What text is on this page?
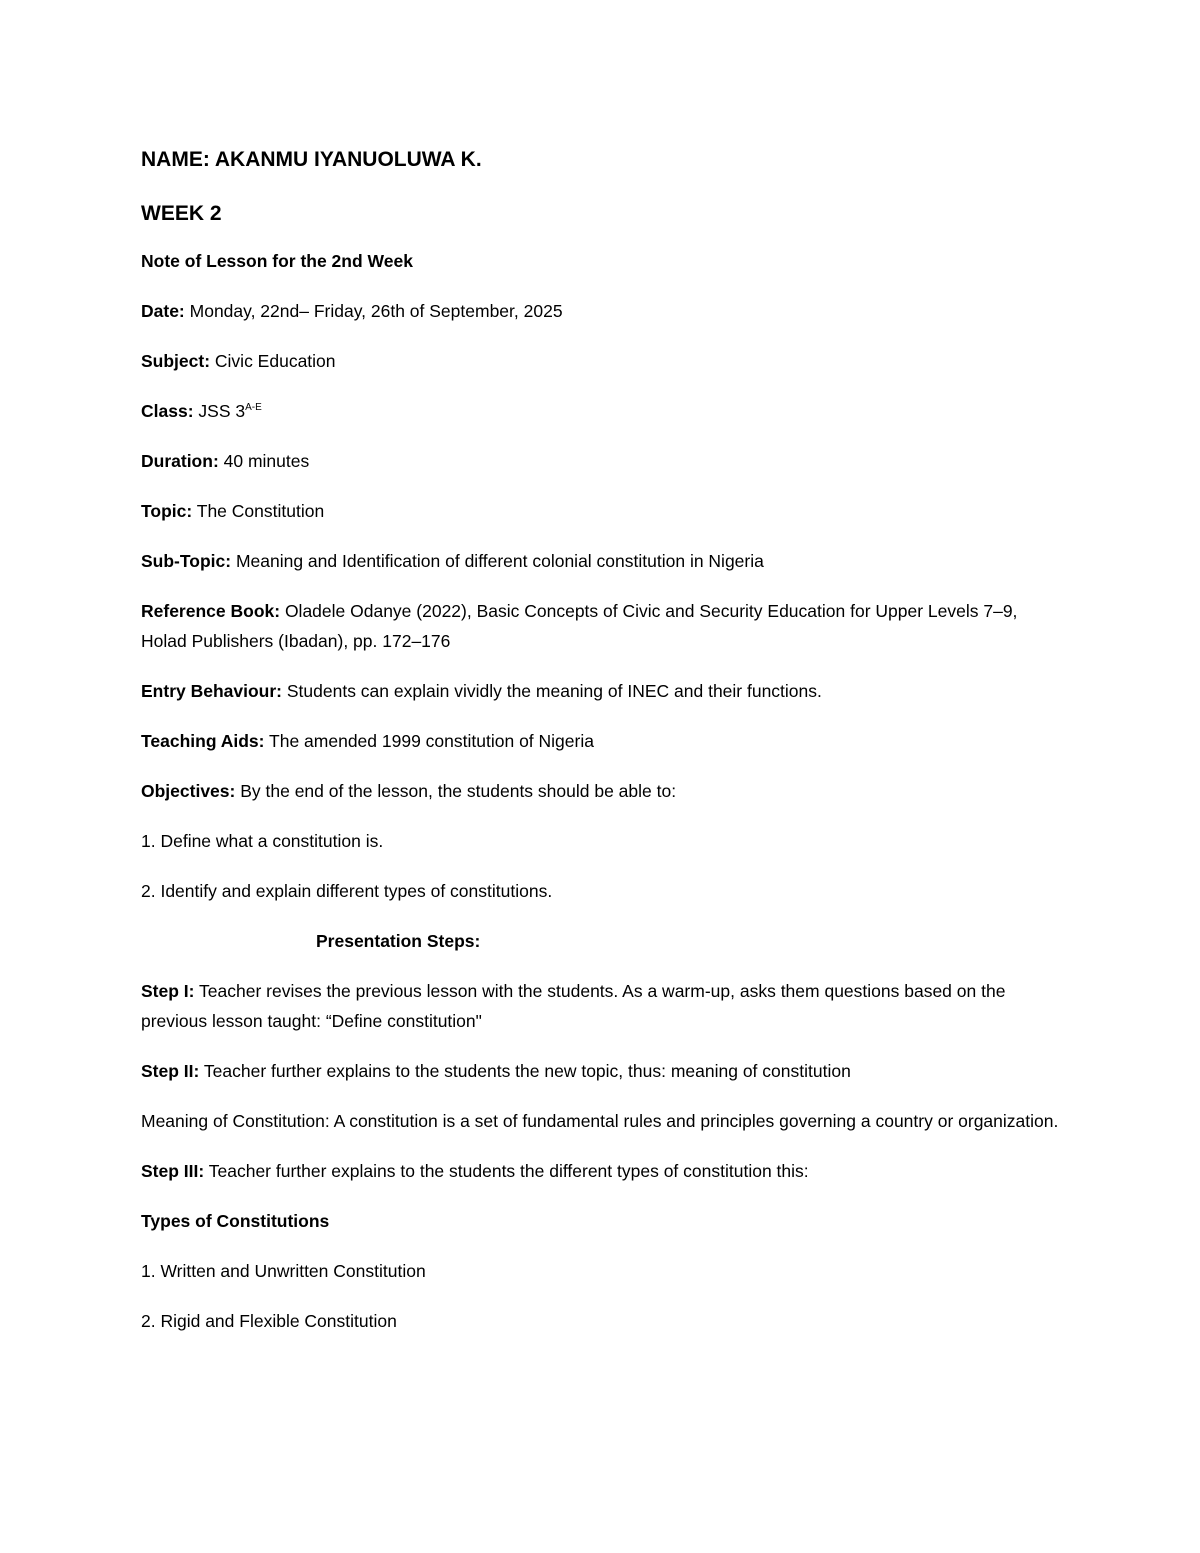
NAME: AKANMU IYANUOLUWA K.
WEEK 2
Note of Lesson for the 2nd Week
Date: Monday, 22nd– Friday, 26th of September, 2025
Subject: Civic Education
Class: JSS $3^{A-E}$
Duration: 40 minutes
Topic: The Constitution
Sub-Topic: Meaning and Identification of different colonial constitution in Nigeria
Reference Book: Oladele Odanye (2022), Basic Concepts of Civic and Security Education for Upper Levels 7–9, Holad Publishers (Ibadan), pp. 172–176
Entry Behaviour: Students can explain vividly the meaning of INEC and their functions.
Teaching Aids: The amended 1999 constitution of Nigeria
Objectives: By the end of the lesson, the students should be able to:
1. Define what a constitution is.
2. Identify and explain different types of constitutions.
Presentation Steps:
Step I: Teacher revises the previous lesson with the students. As a warm-up, asks them questions based on the previous lesson taught: “Define constitution"
Step II: Teacher further explains to the students the new topic, thus: meaning of constitution
Meaning of Constitution: A constitution is a set of fundamental rules and principles governing a country or organization.
Step III: Teacher further explains to the students the different types of constitution this:
Types of Constitutions
1. Written and Unwritten Constitution
2. Rigid and Flexible Constitution
